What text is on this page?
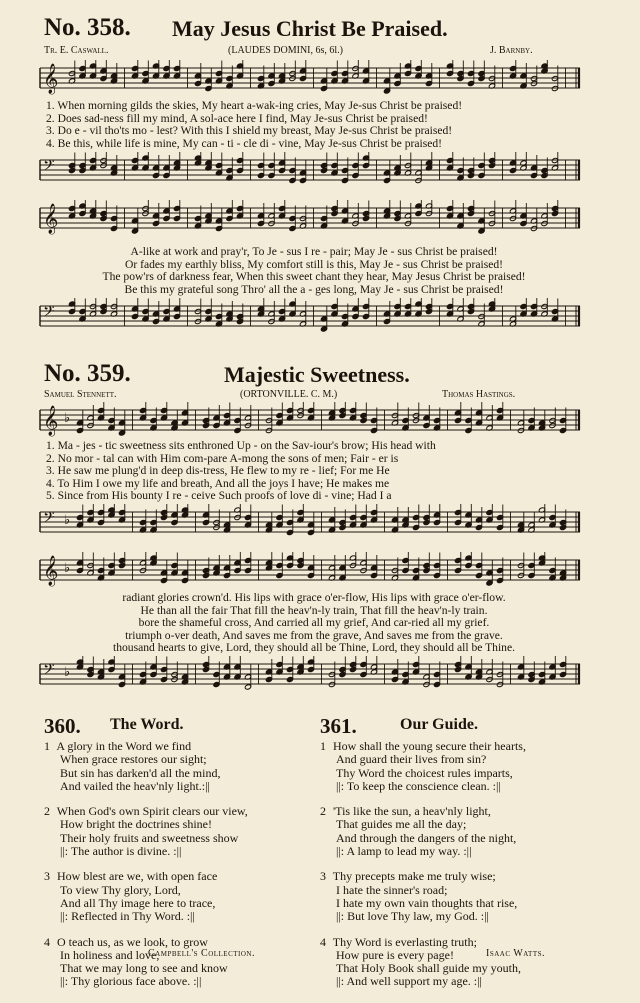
No. 358. May Jesus Christ Be Praised.
Tr. E. Caswall.	(LAUDES DOMINI, 6s, 6l.)	J. Barnby.
𝄞
1. When morning gilds the skies, My heart a-wak-ing cries, May Je-sus Christ be praised!
2. Does sad-ness fill my mind, A sol-ace here I find, May Je-sus Christ be praised!
3. Do e - vil tho'ts mo - lest? With this I shield my breast, May Je-sus Christ be praised!
4. Be this, while life is mine, My can - ti - cle di - vine, May Je-sus Christ be praised!
𝄢
𝄞
A-like at work and pray'r, To Je - sus I re - pair; May Je - sus Christ be praised!
Or fades my earthly bliss, My comfort still is this, May Je - sus Christ be praised!
The pow'rs of darkness fear, When this sweet chant they hear, May Jesus Christ be praised!
Be this my grateful song Thro' all the a - ges long, May Je - sus Christ be praised!
𝄢
No. 359.	Majestic Sweetness.
Samuel Stennett.	(ORTONVILLE. C. M.)	Thomas Hastings.
𝄞 ♭
1. Ma - jes - tic sweetness sits enthroned Up - on the Sav-iour's brow; His head with
2. No mor - tal can with Him com-pare A-mong the sons of men; Fair - er is
3. He saw me plung'd in deep dis-tress, He flew to my re - lief; For me He
4. To Him I owe my life and breath, And all the joys I have; He makes me
5. Since from His bounty I re - ceive Such proofs of love di - vine; Had I a
𝄢 ♭
𝄞 ♭
radiant glories crown'd. His lips with grace o'er-flow, His lips with grace o'er-flow.
He than all the fair That fill the heav'n-ly train, That fill the heav'n-ly train.
bore the shameful cross, And carried all my grief, And car-ried all my grief.
triumph o-ver death, And saves me from the grave, And saves me from the grave.
thousand hearts to give, Lord, they should all be Thine, Lord, they should all be Thine.
𝄢 ♭
360. The Word.
1 A glory in the Word we find
When grace restores our sight;
But sin has darken'd all the mind,
And vailed the heav'nly light.:||
2 When God's own Spirit clears our view,
How bright the doctrines shine!
Their holy fruits and sweetness show
||: The author is divine. :||
3 How blest are we, with open face
To view Thy glory, Lord,
And all Thy image here to trace,
||: Reflected in Thy Word. :||
4 O teach us, as we look, to grow
In holiness and love,
That we may long to see and know
||: Thy glorious face above. :||
Campbell's Collection.
361.	Our Guide.
1 How shall the young secure their hearts,
And guard their lives from sin?
Thy Word the choicest rules imparts,
||: To keep the conscience clean. :||
2 'Tis like the sun, a heav'nly light,
That guides me all the day;
And through the dangers of the night,
||: A lamp to lead my way. :||
3 Thy precepts make me truly wise;
I hate the sinner's road;
I hate my own vain thoughts that rise,
||: But love Thy law, my God. :||
4 Thy Word is everlasting truth;
How pure is every page!
That Holy Book shall guide my youth,
||: And well support my age. :||
Isaac Watts.
